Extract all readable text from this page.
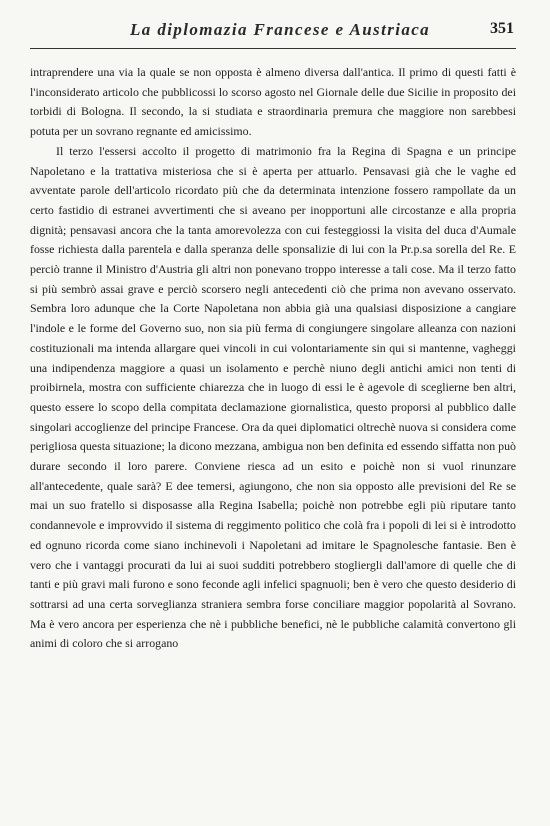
La diplomazia Francese e Austriaca	351

intraprendere una via la quale se non opposta è almeno diversa dall'antica. Il primo di questi fatti è l'inconsiderato articolo che pubblicossi lo scorso agosto nel Giornale delle due Sicilie in proposito dei torbidi di Bologna. Il secondo, la si studiata e straordinaria premura che maggiore non sarebbesi potuta per un sovrano regnante ed amicissimo.

Il terzo l'essersi accolto il progetto di matrimonio fra la Regina di Spagna e un principe Napoletano e la trattativa misteriosa che si è aperta per attuarlo. Pensavasi già che le vaghe ed avventate parole dell'articolo ricordato più che da determinata intenzione fossero rampollate da un certo fastidio di estranei avvertimenti che si aveano per inopportuni alle circostanze e alla propria dignità; pensavasi ancora che la tanta amorevolezza con cui festeggiossi la visita del duca d'Aumale fosse richiesta dalla parentela e dalla speranza delle sponsalizie di lui con la Pr.p.sa sorella del Re. E perciò tranne il Ministro d'Austria gli altri non ponevano troppo interesse a tali cose. Ma il terzo fatto si più sembrò assai grave e perciò scorsero negli antecedenti ciò che prima non avevano osservato. Sembra loro adunque che la Corte Napoletana non abbia già una qualsiasi disposizione a cangiare l'indole e le forme del Governo suo, non sia più ferma di congiungere singolare alleanza con nazioni costituzionali ma intenda allargare quei vincoli in cui volontariamente sin qui si mantenne, vagheggi una indipendenza maggiore a quasi un isolamento e perchè niuno degli antichi amici non tenti di proibirnela, mostra con sufficiente chiarezza che in luogo di essi le è agevole di sceglierne ben altri, questo essere lo scopo della compitata declamazione giornalistica, questo proporsi al pubblico dalle singolari accoglienze del principe Francese. Ora da quei diplomatici oltrechè nuova si considera come perigliosa questa situazione; la dicono mezzana, ambigua non ben definita ed essendo siffatta non può durare secondo il loro parere. Conviene riesca ad un esito e poichè non si vuol rinunzare all'antecedente, quale sarà? E dee temersi, agiungono, che non sia opposto alle previsioni del Re se mai un suo fratello si disposasse alla Regina Isabella; poichè non potrebbe egli più riputare tanto condannevole e improvvido il sistema di reggimento politico che colà fra i popoli di lei si è introdotto ed ognuno ricorda come siano inchinevoli i Napoletani ad imitare le Spagnolesche fantasie. Ben è vero che i vantaggi procurati da lui ai suoi sudditi potrebbero stogliergli dall'amore di quelle che di tanti e più gravi mali furono e sono feconde agli infelici spagnuoli; ben è vero che questo desiderio di sottrarsi ad una certa sorveglianza straniera sembra forse conciliare maggior popolarità al Sovrano. Ma è vero ancora per esperienza che nè i pubbliche benefici, nè le pubbliche calamità convertono gli animi di coloro che si arrogano
